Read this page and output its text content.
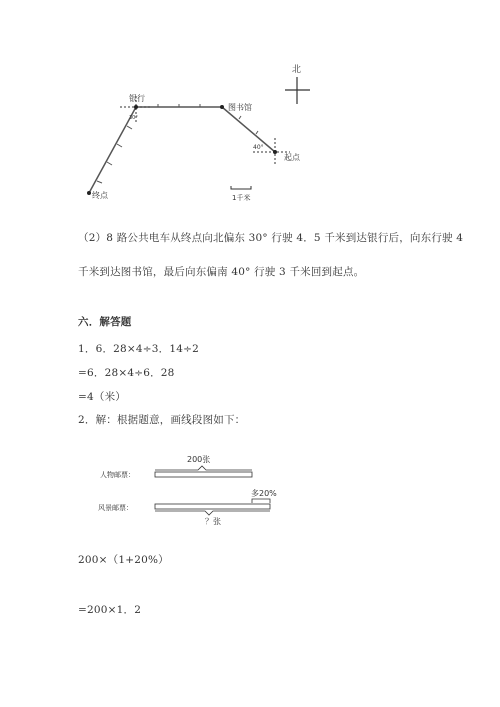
北
银行
图书馆
起点
终点
30°
40°
1千米
（2）8 路公共电车从终点向北偏东 30° 行驶 4．5 千米到达银行后，向东行驶 4
千米到达图书馆，最后向东偏南 40° 行驶 3 千米回到起点。
六．解答题
1．6．28×4÷3．14÷2
=6．28×4÷6．28
=4（米）
2．解：根据题意，画线段图如下：
200张
人物邮票：
多20%
风景邮票：
？张
200×（1+20%）
=200×1．2
